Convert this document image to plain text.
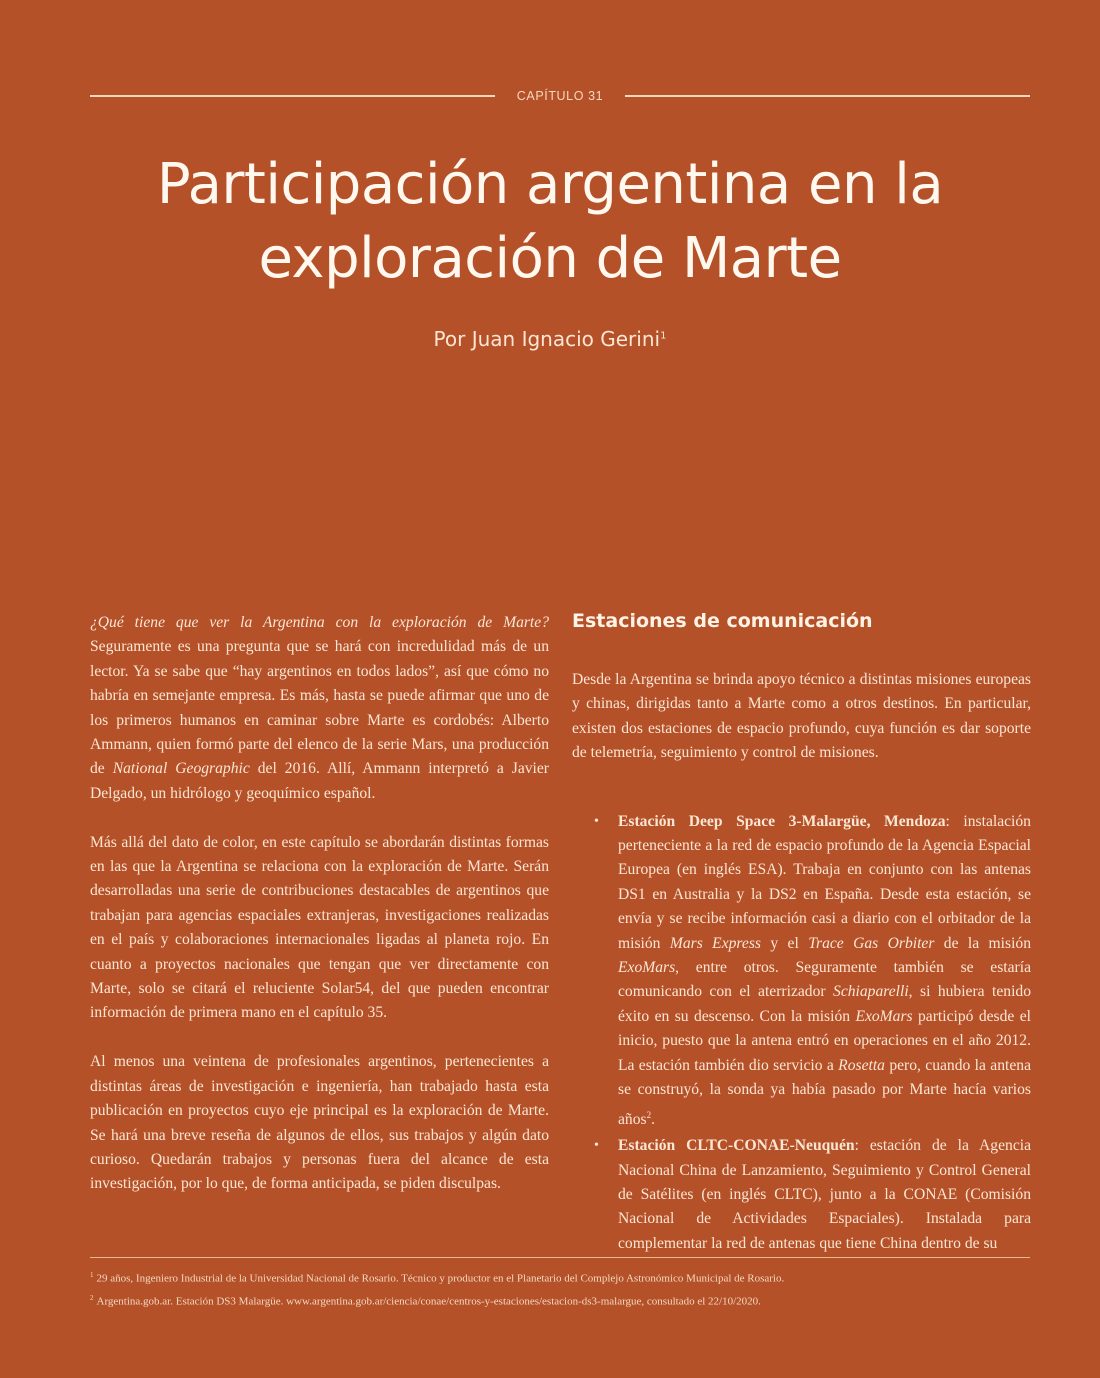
CAPÍTULO 31
Participación argentina en la
exploración de Marte
Por Juan Ignacio Gerini$^1$

¿Qué tiene que ver la Argentina con la exploración de Marte? Seguramente es una pregunta que se hará con incredulidad más de un lector. Ya se sabe que “hay argentinos en todos lados”, así que cómo no habría en semejante empresa. Es más, hasta se puede afirmar que uno de los primeros humanos en caminar sobre Marte es cordobés: Alberto Ammann, quien formó parte del elenco de la serie Mars, una producción de National Geographic del 2016. Allí, Ammann interpretó a Javier Delgado, un hidrólogo y geoquímico español.

Más allá del dato de color, en este capítulo se abordarán distintas formas en las que la Argentina se relaciona con la exploración de Marte. Serán desarrolladas una serie de contribuciones destacables de argentinos que trabajan para agencias espaciales extranjeras, investigaciones realizadas en el país y colaboraciones internacionales ligadas al planeta rojo. En cuanto a proyectos nacionales que tengan que ver directamente con Marte, solo se citará el reluciente Solar54, del que pueden encontrar información de primera mano en el capítulo 35.

Al menos una veintena de profesionales argentinos, pertenecientes a distintas áreas de investigación e ingeniería, han trabajado hasta esta publicación en proyectos cuyo eje principal es la exploración de Marte. Se hará una breve reseña de algunos de ellos, sus trabajos y algún dato curioso. Quedarán trabajos y personas fuera del alcance de esta investigación, por lo que, de forma anticipada, se piden disculpas.

Estaciones de comunicación

Desde la Argentina se brinda apoyo técnico a distintas misiones europeas y chinas, dirigidas tanto a Marte como a otros destinos. En particular, existen dos estaciones de espacio profundo, cuya función es dar soporte de telemetría, seguimiento y control de misiones.

• Estación Deep Space 3-Malargüe, Mendoza: instalación perteneciente a la red de espacio profundo de la Agencia Espacial Europea (en inglés ESA). Trabaja en conjunto con las antenas DS1 en Australia y la DS2 en España. Desde esta estación, se envía y se recibe información casi a diario con el orbitador de la misión Mars Express y el Trace Gas Orbiter de la misión ExoMars, entre otros. Seguramente también se estaría comunicando con el aterrizador Schiaparelli, si hubiera tenido éxito en su descenso. Con la misión ExoMars participó desde el inicio, puesto que la antena entró en operaciones en el año 2012. La estación también dio servicio a Rosetta pero, cuando la antena se construyó, la sonda ya había pasado por Marte hacía varios años$^2$.
• Estación CLTC-CONAE-Neuquén: estación de la Agencia Nacional China de Lanzamiento, Seguimiento y Control General de Satélites (en inglés CLTC), junto a la CONAE (Comisión Nacional de Actividades Espaciales). Instalada para complementar la red de antenas que tiene China dentro de su
$^1$ 29 años, Ingeniero Industrial de la Universidad Nacional de Rosario. Técnico y productor en el Planetario del Complejo Astronómico Municipal de Rosario.
$^2$ Argentina.gob.ar. Estación DS3 Malargüe. www.argentina.gob.ar/ciencia/conae/centros-y-estaciones/estacion-ds3-malargue, consultado el 22/10/2020.
